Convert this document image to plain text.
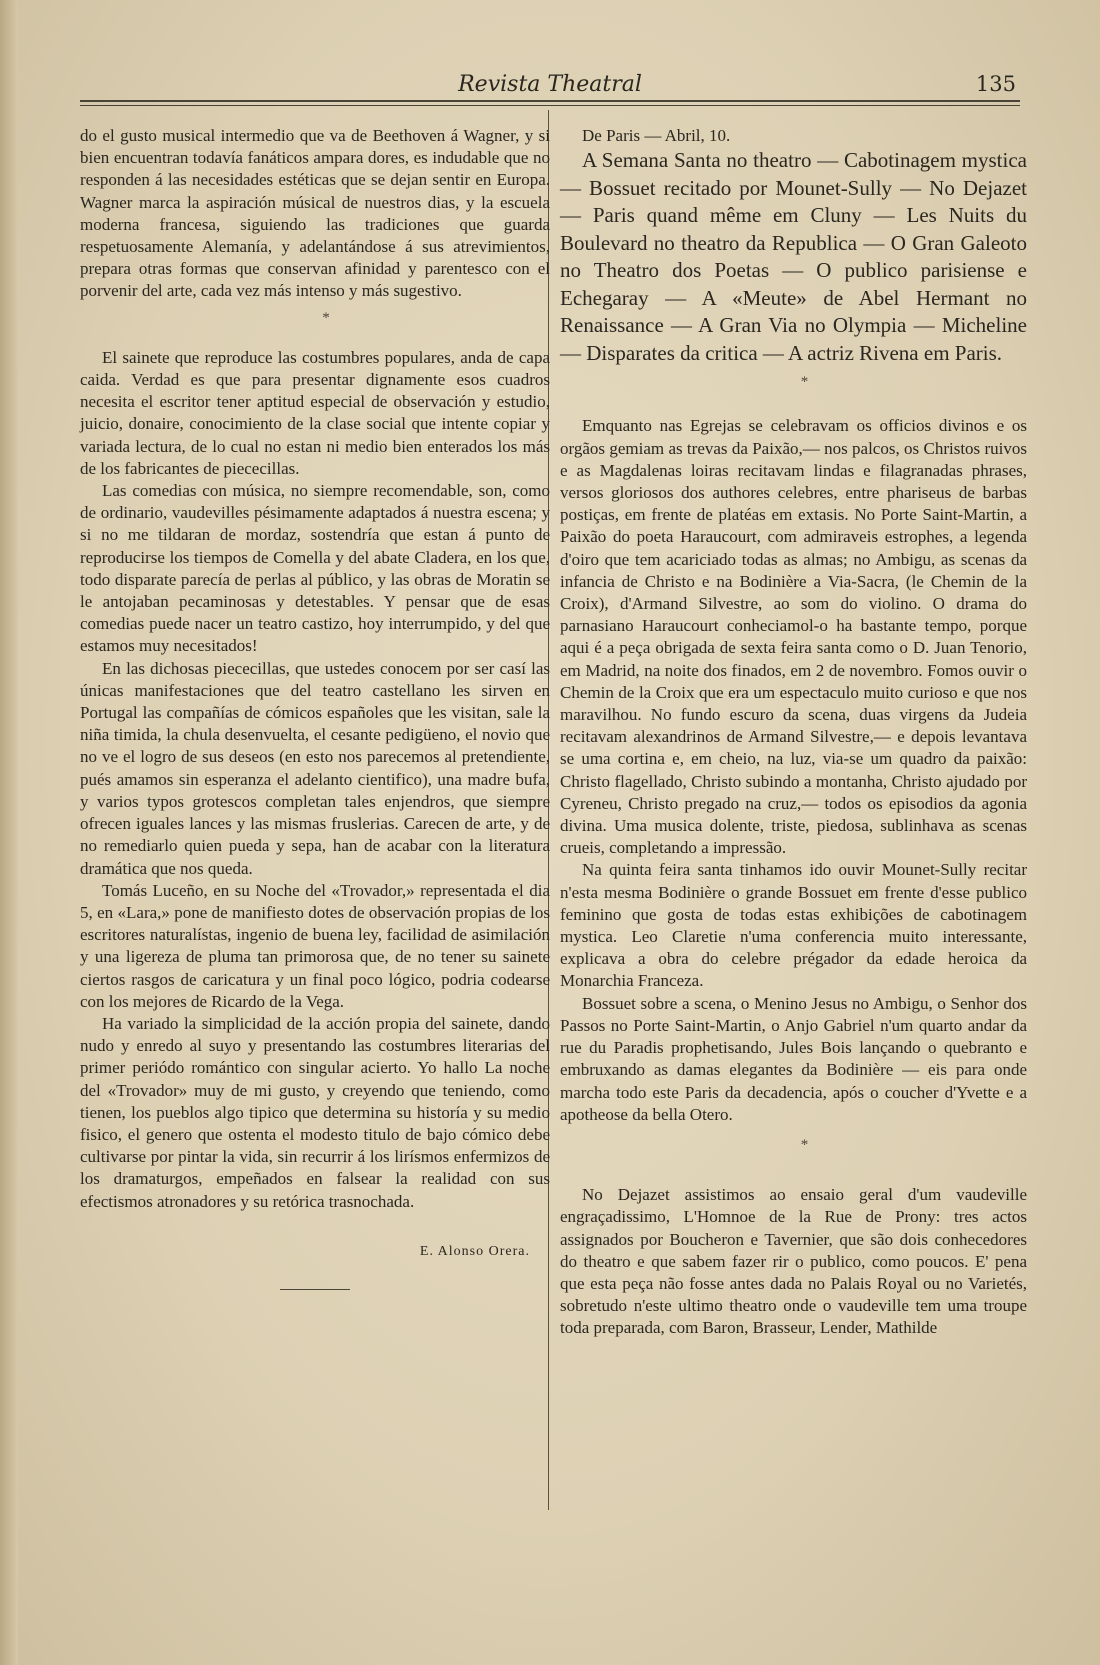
Revista Theatral	135

do el gusto musical intermedio que va de Beethoven á Wagner, y si bien encuentran todavía fanáticos ampara dores, es indudable que no responden á las necesidades estéticas que se dejan sentir en Europa. Wagner marca la aspiración músical de nuestros dias, y la escuela moderna francesa, siguiendo las tradiciones que guarda respetuosamente Alemanía, y adelantándose á sus atrevimientos, prepara otras formas que conservan afinidad y parentesco con el porvenir del arte, cada vez más intenso y más sugestivo.

*

El sainete que reproduce las costumbres populares, anda de capa caida. Verdad es que para presentar dignamente esos cuadros necesita el escritor tener aptitud especial de observación y estudio, juicio, donaire, conocimiento de la clase social que intente copiar y variada lectura, de lo cual no estan ni medio bien enterados los más de los fabricantes de piececillas.

Las comedias con música, no siempre recomendable, son, como de ordinario, vaudevilles pésimamente adaptados á nuestra escena; y si no me tildaran de mordaz, sostendría que estan á punto de reproducirse los tiempos de Comella y del abate Cladera, en los que, todo disparate parecía de perlas al público, y las obras de Moratin se le antojaban pecaminosas y detestables. Y pensar que de esas comedias puede nacer un teatro castizo, hoy interrumpido, y del que estamos muy necesitados!

En las dichosas piececillas, que ustedes conocem por ser casí las únicas manifestaciones que del teatro castellano les sirven en Portugal las compañías de cómicos españoles que les visitan, sale la niña timida, la chula desenvuelta, el cesante pedigüeno, el novio que no ve el logro de sus deseos (en esto nos parecemos al pretendiente, pués amamos sin esperanza el adelanto cientifico), una madre bufa, y varios typos grotescos completan tales enjendros, que siempre ofrecen iguales lances y las mismas fruslerias. Carecen de arte, y de no remediarlo quien pueda y sepa, han de acabar con la literatura dramática que nos queda.

Tomás Luceño, en su Noche del «Trovador,» representada el dia 5, en «Lara,» pone de manifiesto dotes de observación propias de los escritores naturalístas, ingenio de buena ley, facilidad de asimilación y una ligereza de pluma tan primorosa que, de no tener su sainete ciertos rasgos de caricatura y un final poco lógico, podria codearse con los mejores de Ricardo de la Vega.

Ha variado la simplicidad de la acción propia del sainete, dando nudo y enredo al suyo y presentando las costumbres literarias del primer periódo romántico con singular acierto. Yo hallo La noche del «Trovador» muy de mi gusto, y creyendo que teniendo, como tienen, los pueblos algo tipico que determina su historía y su medio fisico, el genero que ostenta el modesto titulo de bajo cómico debe cultivarse por pintar la vida, sin recurrir á los lirísmos enfermizos de los dramaturgos, empeñados en falsear la realidad con sus efectismos atronadores y su retórica trasnochada.

E. Alonso Orera.

De Paris — Abril, 10.

A Semana Santa no theatro — Cabotinagem mystica — Bossuet recitado por Mounet-Sully — No Dejazet — Paris quand même em Cluny — Les Nuits du Boulevard no theatro da Republica — O Gran Galeoto no Theatro dos Poetas — O publico parisiense e Echegaray — A «Meute» de Abel Hermant no Renaissance — A Gran Via no Olympia — Micheline — Disparates da critica — A actriz Rivena em Paris.

*

Emquanto nas Egrejas se celebravam os officios divinos e os orgãos gemiam as trevas da Paixão,— nos palcos, os Christos ruivos e as Magdalenas loiras recitavam lindas e filagranadas phrases, versos gloriosos dos authores celebres, entre phariseus de barbas postiças, em frente de platéas em extasis. No Porte Saint-Martin, a Paixão do poeta Haraucourt, com admiraveis estrophes, a legenda d'oiro que tem acariciado todas as almas; no Ambigu, as scenas da infancia de Christo e na Bodinière a Via-Sacra, (le Chemin de la Croix), d'Armand Silvestre, ao som do violino. O drama do parnasiano Haraucourt conheciamol-o ha bastante tempo, porque aqui é a peça obrigada de sexta feira santa como o D. Juan Tenorio, em Madrid, na noite dos finados, em 2 de novembro. Fomos ouvir o Chemin de la Croix que era um espectaculo muito curioso e que nos maravilhou. No fundo escuro da scena, duas virgens da Judeia recitavam alexandrinos de Armand Silvestre,— e depois levantava se uma cortina e, em cheio, na luz, via-se um quadro da paixão: Christo flagellado, Christo subindo a montanha, Christo ajudado por Cyreneu, Christo pregado na cruz,— todos os episodios da agonia divina. Uma musica dolente, triste, piedosa, sublinhava as scenas crueis, completando a impressão.

Na quinta feira santa tinhamos ido ouvir Mounet-Sully recitar n'esta mesma Bodinière o grande Bossuet em frente d'esse publico feminino que gosta de todas estas exhibições de cabotinagem mystica. Leo Claretie n'uma conferencia muito interessante, explicava a obra do celebre prégador da edade heroica da Monarchia Franceza.

Bossuet sobre a scena, o Menino Jesus no Ambigu, o Senhor dos Passos no Porte Saint-Martin, o Anjo Gabriel n'um quarto andar da rue du Paradis prophetisando, Jules Bois lançando o quebranto e embruxando as damas elegantes da Bodinière — eis para onde marcha todo este Paris da decadencia, após o coucher d'Yvette e a apotheose da bella Otero.

*

No Dejazet assistimos ao ensaio geral d'um vaudeville engraçadissimo, L'Homnoe de la Rue de Prony: tres actos assignados por Boucheron e Tavernier, que são dois conhecedores do theatro e que sabem fazer rir o publico, como poucos. E' pena que esta peça não fosse antes dada no Palais Royal ou no Varietés, sobretudo n'este ultimo theatro onde o vaudeville tem uma troupe toda preparada, com Baron, Brasseur, Lender, Mathilde
